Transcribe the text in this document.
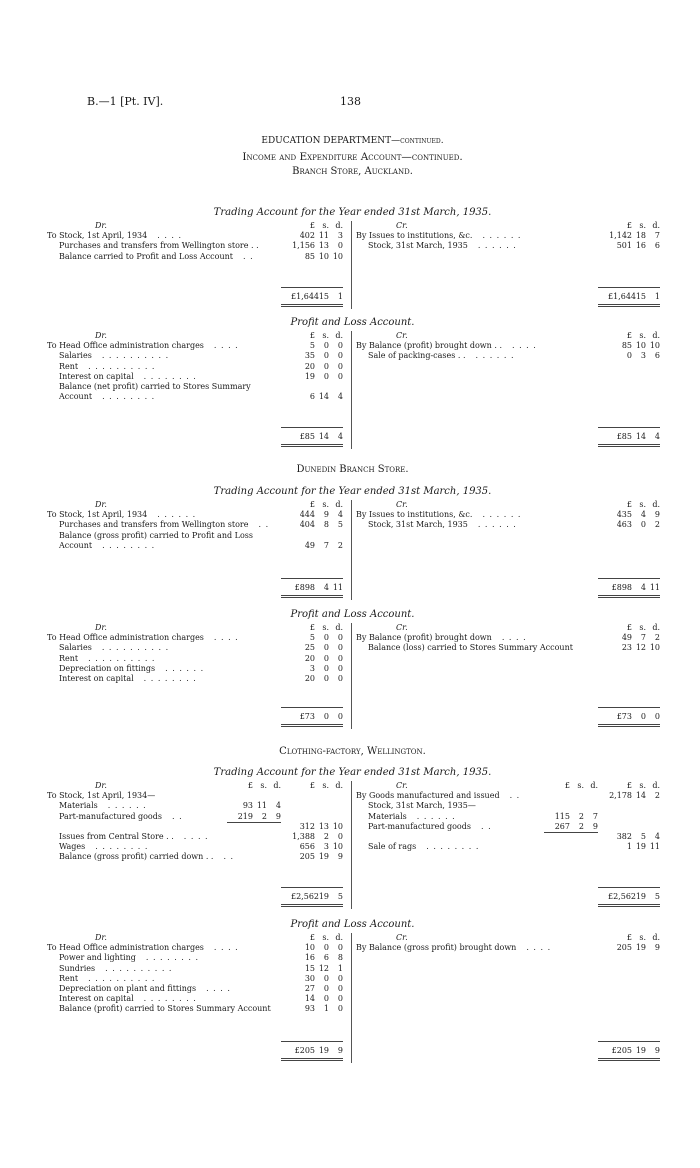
B.—1 [Pt. IV].	138
EDUCATION DEPARTMENT—continued.
Income and Expenditure Account—continued.
Branch Store, Auckland.
Trading Account for the Year ended 31st March, 1935.
Dr.	£ s. d.
To Stock, 1st April, 1934 . . . .	402 11 3
Purchases and transfers from Wellington store . .	1,156 13 0
Balance carried to Profit and Loss Account . .	85 10 10
£1,64415 1
Cr.	£ s. d.
By Issues to institutions, &c. . . . . . .	1,142 18 7
Stock, 31st March, 1935 . . . . . .	501 16 6
£1,64415 1
Profit and Loss Account.
Dr.	£ s. d.
To Head Office administration charges . . . .	5 0 0
Salaries . . . . . . . . . .	35 0 0
Rent . . . . . . . . . .	20 0 0
Interest on capital . . . . . . . .	19 0 0
Balance (net profit) carried to Stores Summary
Account . . . . . . . .	6 14 4
£85 14 4
Cr.	£ s. d.
By Balance (profit) brought down . . . . . .	85 10 10
Sale of packing-cases . . . . . . . .	0 3 6
£85 14 4
Dunedin Branch Store.
Trading Account for the Year ended 31st March, 1935.
Dr.	£ s. d.
To Stock, 1st April, 1934 . . . . . .	444 9 4
Purchases and transfers from Wellington store . .	404 8 5
Balance (gross profit) carried to Profit and Loss
Account . . . . . . . .	49 7 2
£898 4 11
Cr.	£ s. d.
By Issues to institutions, &c. . . . . . .	435 4 9
Stock, 31st March, 1935 . . . . . .	463 0 2
£898 4 11
Profit and Loss Account.
Dr.	£ s. d.
To Head Office administration charges . . . .	5 0 0
Salaries . . . . . . . . . .	25 0 0
Rent . . . . . . . . . .	20 0 0
Depreciation on fittings . . . . . .	3 0 0
Interest on capital . . . . . . . .	20 0 0
£73 0 0
Cr.	£ s. d.
By Balance (profit) brought down . . . .	49 7 2
Balance (loss) carried to Stores Summary Account	23 12 10
£73 0 0
Clothing-factory, Wellington.
Trading Account for the Year ended 31st March, 1935.
Dr.	£ s. d.
£ s. d.
To Stock, 1st April, 1934—
Materials . . . . . .	93 11 4
Part-manufactured goods . .	219 2 9
312 13 10
Issues from Central Store . . . . . .	1,388 2 0
Wages . . . . . . . .	656 3 10
Balance (gross profit) carried down . . . .	205 19 9
£2,56219 5
Cr.	£ s. d.
£ s. d.
By Goods manufactured and issued . .	2,178 14 2
Stock, 31st March, 1935—
Materials . . . . . .	115 2 7
Part-manufactured goods . .	267 2 9
382 5 4
Sale of rags . . . . . . . .	1 19 11
£2,56219 5
Profit and Loss Account.
Dr.	£ s. d.
To Head Office administration charges . . . .	10 0 0
Power and lighting . . . . . . . .	16 6 8
Sundries . . . . . . . . . .	15 12 1
Rent . . . . . . . . . .	30 0 0
Depreciation on plant and fittings . . . .	27 0 0
Interest on capital . . . . . . . .	14 0 0
Balance (profit) carried to Stores Summary Account	93 1 0
£205 19 9
Cr.	£ s. d.
By Balance (gross profit) brought down . . . .	205 19 9
£205 19 9
